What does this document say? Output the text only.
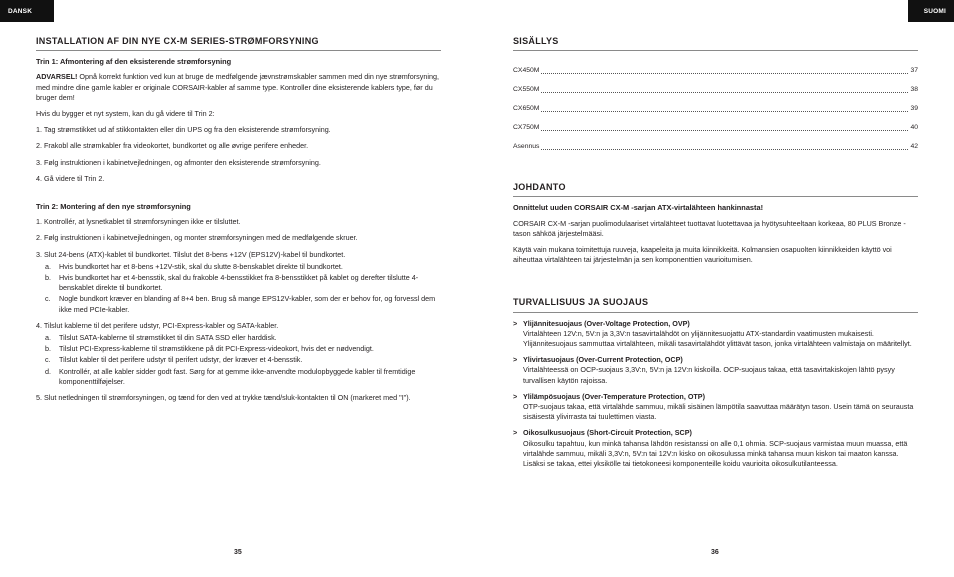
DANSK	SUOMI
INSTALLATION AF DIN NYE CX-M SERIES-STRØMFORSYNING
Trin 1: Afmontering af den eksisterende strømforsyning

ADVARSEL! Opnå korrekt funktion ved kun at bruge de medfølgende jævnstrømskabler sammen med din nye strømforsyning, med mindre dine gamle kabler er originale CORSAIR-kabler af samme type. Kontroller dine eksisterende kablers type, før du bruger dem!

Hvis du bygger et nyt system, kan du gå videre til Trin 2:

1. Tag strømstikket ud af stikkontakten eller din UPS og fra den eksisterende strømforsyning.
2. Frakobl alle strømkabler fra videokortet, bundkortet og alle øvrige perifere enheder.
3. Følg instruktionen i kabinetvejledningen, og afmonter den eksisterende strømforsyning.
4. Gå videre til Trin 2.
Trin 2: Montering af den nye strømforsyning
1. Kontrollér, at lysnetkablet til strømforsyningen ikke er tilsluttet.
2. Følg instruktionen i kabinetvejledningen, og monter strømforsyningen med de medfølgende skruer.
3. Slut 24-bens (ATX)-kablet til bundkortet. Tilslut det 8-bens +12V (EPS12V)-kabel til bundkortet.
a.	Hvis bundkortet har et 8-bens +12V-stik, skal du slutte 8-benskablet direkte til bundkortet.
b.	Hvis bundkortet har et 4-bensstik, skal du frakoble 4-bensstikket fra 8-bensstikket på kablet og derefter tilslutte 4-benskablet direkte til bundkortet.
c.	Nogle bundkort kræver en blanding af 8+4 ben. Brug så mange EPS12V-kabler, som der er behov for, og forvessl dem ikke med PCIe-kabler.
4. Tilslut kablerne til det perifere udstyr, PCI-Express-kabler og SATA-kabler.
a.	Tilslut SATA-kablerne til strømstikket til din SATA SSD eller harddisk.
b.	Tilslut PCI-Express-kablerne til strømstikkene på dit PCI-Express-videokort, hvis det er nødvendigt.
c.	Tilslut kabler til det perifere udstyr til perifert udstyr, der kræver et 4-bensstik.
d.	Kontrollér, at alle kabler sidder godt fast. Sørg for at gemme ikke-anvendte modulopbyggede kabler til fremtidige komponenttilføjelser.
5. Slut netledningen til strømforsyningen, og tænd for den ved at trykke tænd/sluk-kontakten til ON (markeret med "I").
35
SISÄLLYS
CX450M	37
CX550M	38
CX650M	39
CX750M	40
Asennus	42
JOHDANTO
Onnittelut uuden CORSAIR CX-M -sarjan ATX-virtalähteen hankinnasta!

CORSAIR CX-M -sarjan puolimodulaariset virtalähteet tuottavat luotettavaa ja hyötysuhteeltaan korkeaa, 80 PLUS Bronze -tason sähköä järjestelmääsi.

Käytä vain mukana toimitettuja ruuveja, kaapeleita ja muita kiinnikkeitä. Kolmansien osapuolten kiinnikkeiden käyttö voi aiheuttaa virtalähteen tai järjestelmän ja sen komponenttien vaurioitumisen.

TURVALLISUUS JA SUOJAUS
> Ylijännitesuojaus (Over-Voltage Protection, OVP)
Virtalähteen 12V:n, 5V:n ja 3,3V:n tasavirtalähdöt on ylijännitesuojattu ATX-standardin vaatimusten mukaisesti. Ylijännitesuojaus sammuttaa virtalähteen, mikäli tasavirtalähdöt ylittävät tason, jonka virtalähteen valmistaja on määritellyt.
> Ylivirtasuojaus (Over-Current Protection, OCP)
Virtalähteessä on OCP-suojaus 3,3V:n, 5V:n ja 12V:n kiskoilla. OCP-suojaus takaa, että tasavirtakiskojen lähtö pysyy turvallisen käytön rajoissa.
> Ylilämpösuojaus (Over-Temperature Protection, OTP)
OTP-suojaus takaa, että virtalähde sammuu, mikäli sisäinen lämpötila saavuttaa määrätyn tason. Usein tämä on seurausta sisäisestä ylivirrasta tai tuulettimen viasta.
> Oikosulkusuojaus (Short-Circuit Protection, SCP)
Oikosulku tapahtuu, kun minkä tahansa lähdön resistanssi on alle 0,1 ohmia. SCP-suojaus varmistaa muun muassa, että virtalähde sammuu, mikäli 3,3V:n, 5V:n tai 12V:n kisko on oikosulussa minkä tahansa muun kiskon tai maaton kanssa. Lisäksi se takaa, ettei yksikölle tai tietokoneesi komponenteille koidu vaurioita oikosulkutilanteessa.
36
